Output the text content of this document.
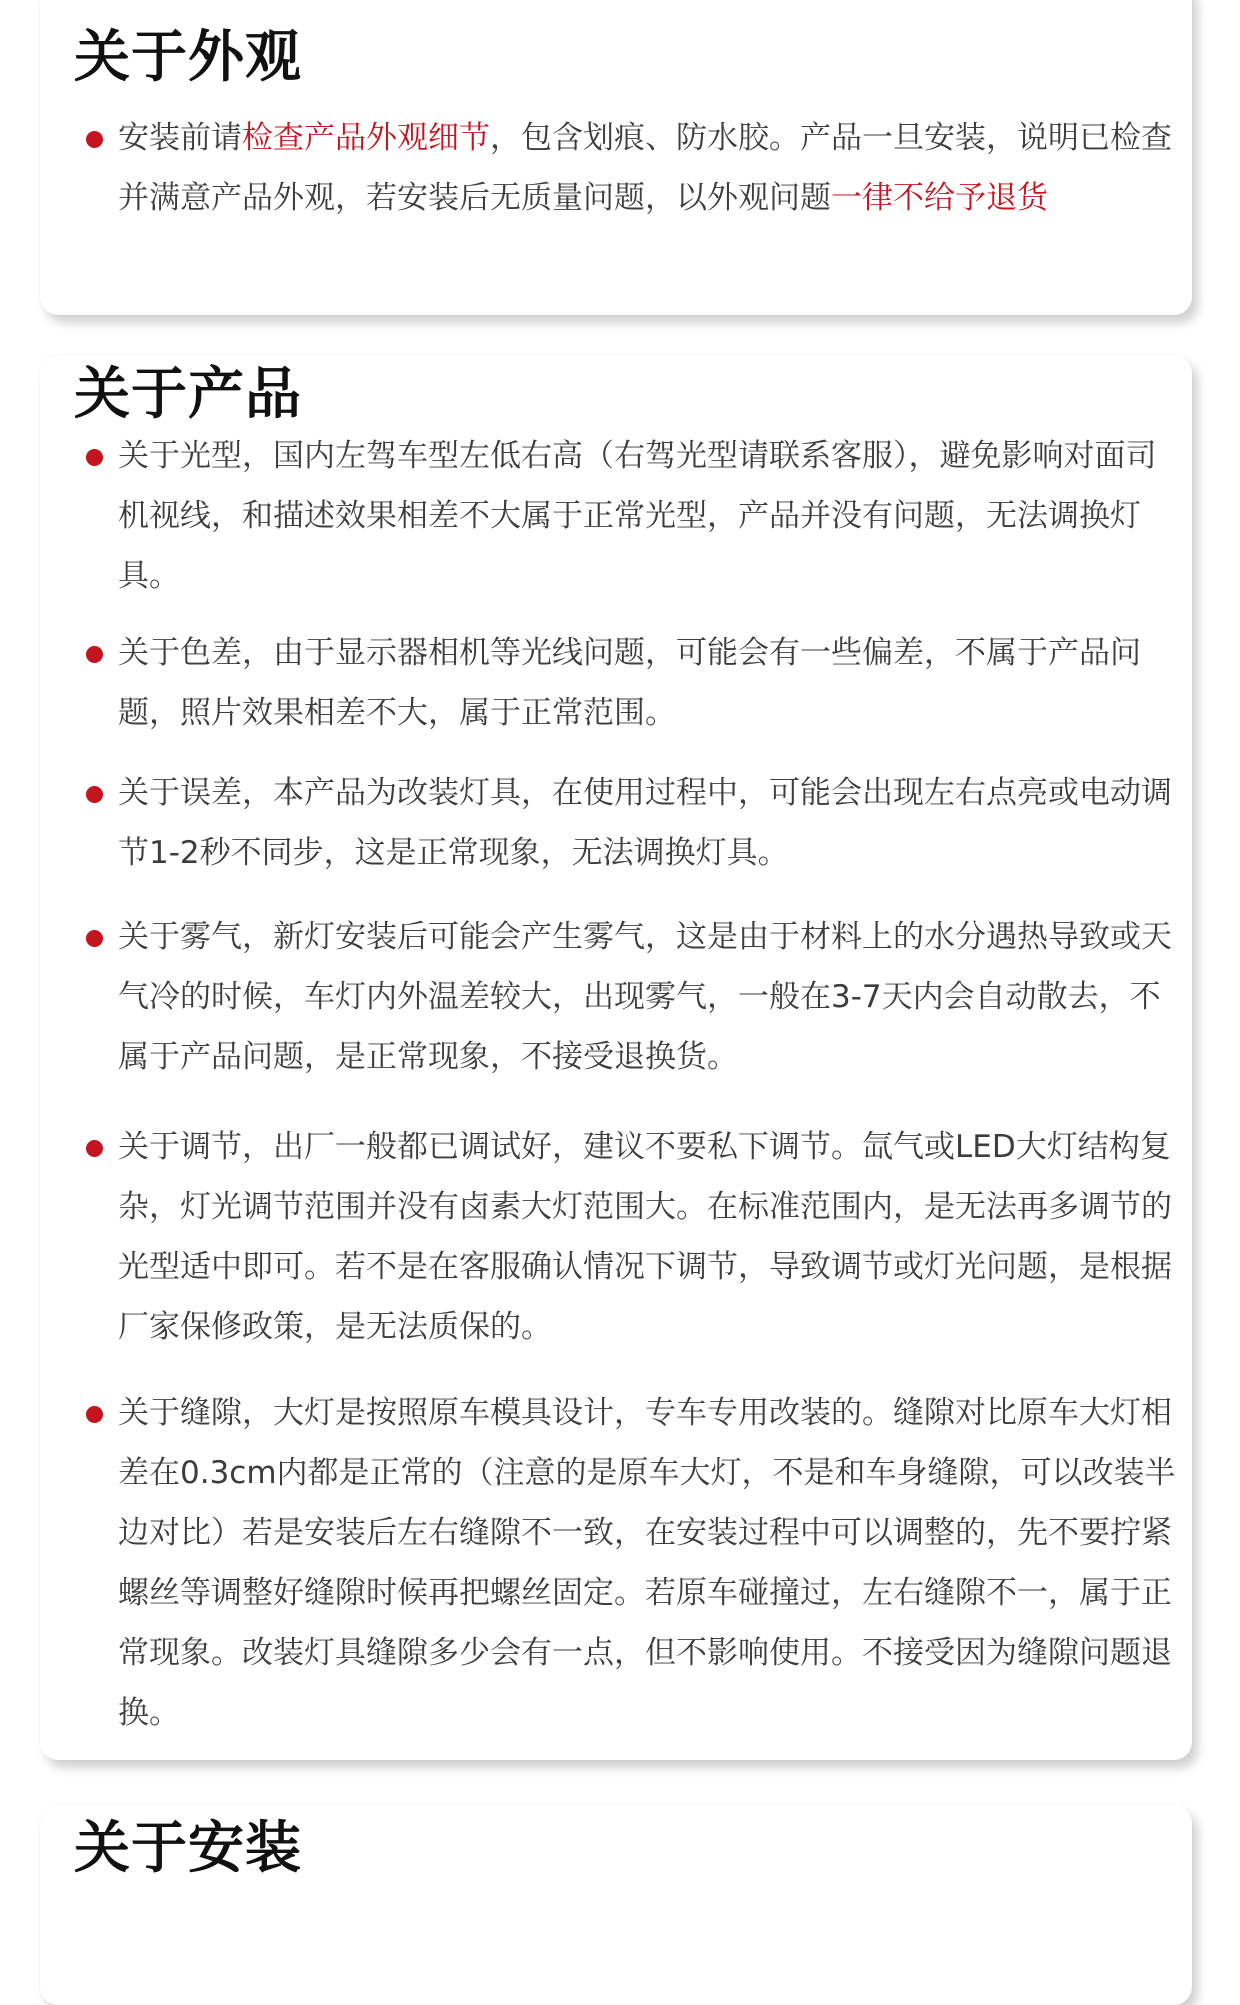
关于外观
安装前请检查产品外观细节，包含划痕、防水胶。产品一旦安装，说明已检查并满意产品外观，若安装后无质量问题，以外观问题一律不给予退货
关于产品
关于光型，国内左驾车型左低右高（右驾光型请联系客服），避免影响对面司机视线，和描述效果相差不大属于正常光型，产品并没有问题，无法调换灯具。
关于色差，由于显示器相机等光线问题，可能会有一些偏差，不属于产品问题，照片效果相差不大，属于正常范围。
关于误差，本产品为改装灯具，在使用过程中，可能会出现左右点亮或电动调节1-2秒不同步，这是正常现象，无法调换灯具。
关于雾气，新灯安装后可能会产生雾气，这是由于材料上的水分遇热导致或天气冷的时候，车灯内外温差较大，出现雾气，一般在3-7天内会自动散去，不属于产品问题，是正常现象，不接受退换货。
关于调节，出厂一般都已调试好，建议不要私下调节。氙气或LED大灯结构复杂，灯光调节范围并没有卤素大灯范围大。在标准范围内，是无法再多调节的光型适中即可。若不是在客服确认情况下调节，导致调节或灯光问题，是根据厂家保修政策，是无法质保的。
关于缝隙，大灯是按照原车模具设计，专车专用改装的。缝隙对比原车大灯相差在0.3cm内都是正常的（注意的是原车大灯，不是和车身缝隙，可以改装半边对比）若是安装后左右缝隙不一致，在安装过程中可以调整的，先不要拧紧螺丝等调整好缝隙时候再把螺丝固定。若原车碰撞过，左右缝隙不一，属于正常现象。改装灯具缝隙多少会有一点，但不影响使用。不接受因为缝隙问题退换。
关于安装
